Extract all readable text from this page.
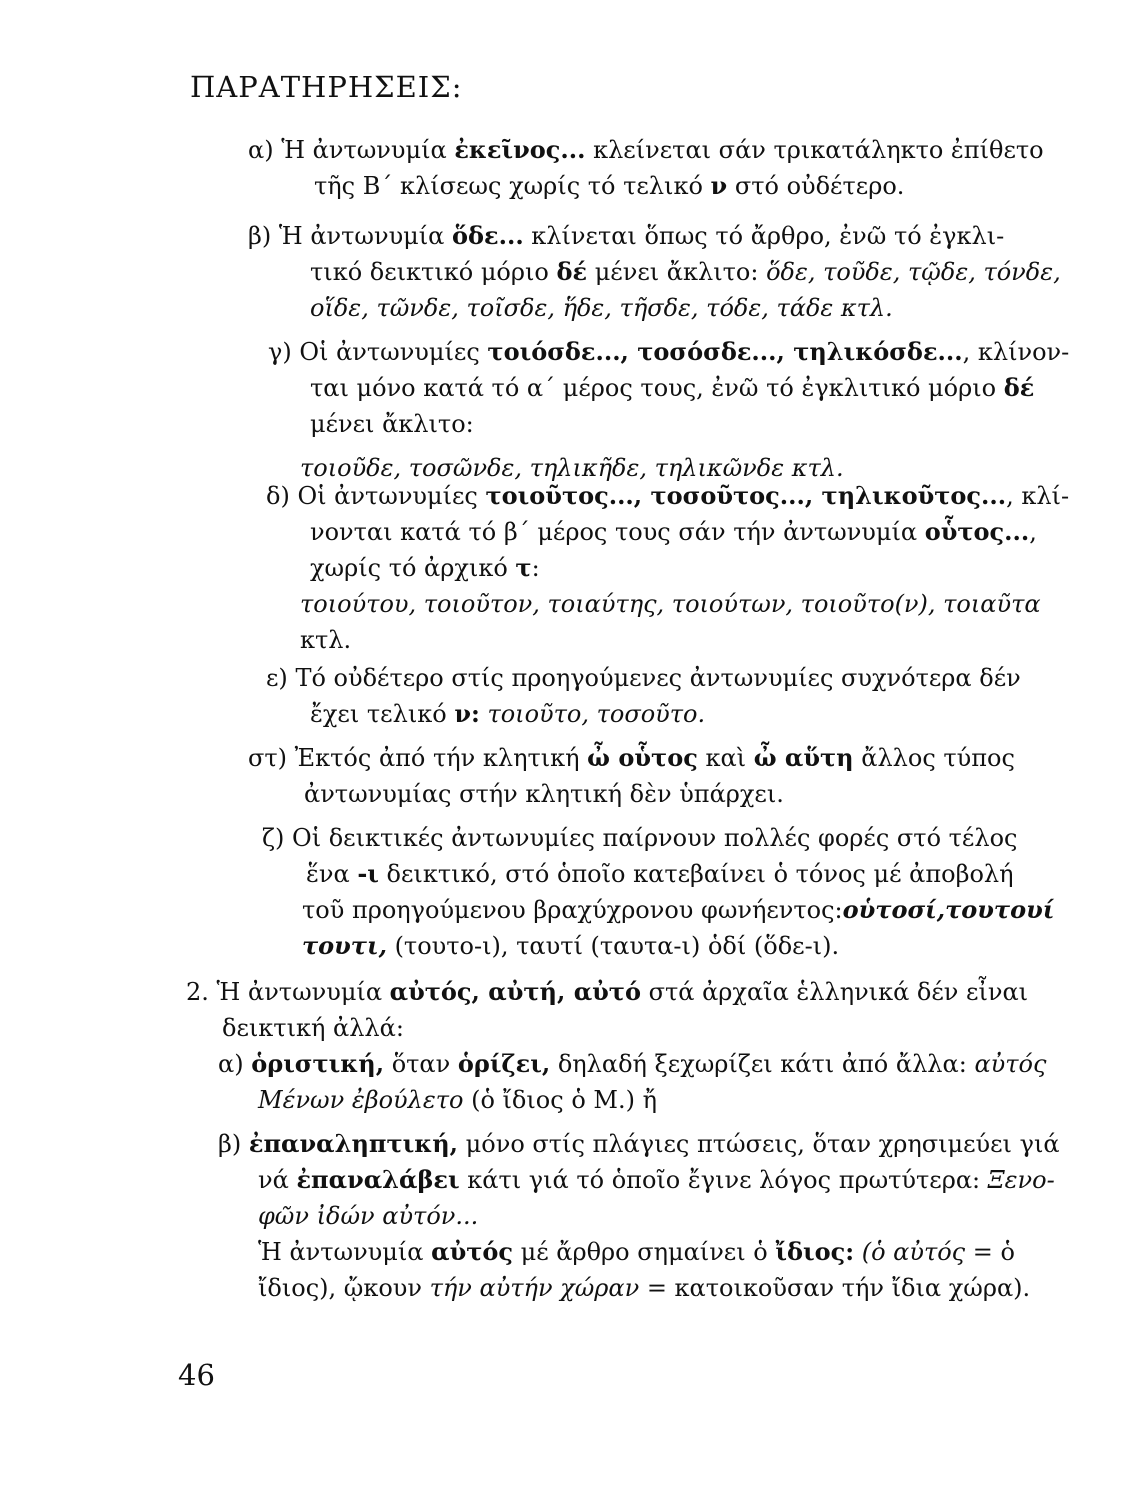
ΠΑΡΑΤΗΡΗΣΕΙΣ:
α) Ἡ ἀντωνυμία ἐκεῖνος... κλείνεται σάν τρικατάληκτο ἐπίθετο
τῆς Β΄ κλίσεως χωρίς τό τελικό ν στό οὐδέτερο.
β) Ἡ ἀντωνυμία ὅδε... κλίνεται ὅπως τό ἄρθρο, ἐνῶ τό ἐγκλι-
τικό δεικτικό μόριο δέ μένει ἄκλιτο: ὅδε, τοῦδε, τῷδε, τόνδε,
οἵδε, τῶνδε, τοῖσδε, ἥδε, τῆσδε, τόδε, τάδε κτλ.
γ) Οἱ ἀντωνυμίες τοιόσδε..., τοσόσδε..., τηλικόσδε..., κλίνον-
ται μόνο κατά τό α΄ μέρος τους, ἐνῶ τό ἐγκλιτικό μόριο δέ
μένει ἄκλιτο:
τοιοῦδε, τοσῶνδε, τηλικῆδε, τηλικῶνδε κτλ.
δ) Οἱ ἀντωνυμίες τοιοῦτος..., τοσοῦτος..., τηλικοῦτος..., κλί-
νονται κατά τό β΄ μέρος τους σάν τήν ἀντωνυμία οὗτος...,
χωρίς τό ἀρχικό τ:
τοιούτου, τοιοῦτον, τοιαύτης, τοιούτων, τοιοῦτο(ν), τοιαῦτα
κτλ.
ε) Τό οὐδέτερο στίς προηγούμενες ἀντωνυμίες συχνότερα δέν
ἔχει τελικό ν: τοιοῦτο, τοσοῦτο.
στ) Ἐκτός ἀπό τήν κλητική ὦ οὗτος καὶ ὦ αὕτη ἄλλος τύπος
ἀντωνυμίας στήν κλητική δὲν ὑπάρχει.
ζ) Οἱ δεικτικές ἀντωνυμίες παίρνουν πολλές φορές στό τέλος
ἕνα -ι δεικτικό, στό ὁποῖο κατεβαίνει ὁ τόνος μέ ἀποβολή
τοῦ προηγούμενου βραχύχρονου φωνήεντος:οὑτοσί,τουτουί
τουτι, (τουτο-ι), ταυτί (ταυτα-ι) ὁδί (ὅδε-ι).
2. Ἡ ἀντωνυμία αὐτός, αὐτή, αὐτό στά ἀρχαῖα ἑλληνικά δέν εἶναι
δεικτική ἀλλά:
α) ὁριστική, ὅταν ὁρίζει, δηλαδή ξεχωρίζει κάτι ἀπό ἄλλα: αὐτός
Μένων ἐβούλετο (ὁ ἴδιος ὁ Μ.) ἤ
β) ἐπαναληπτική, μόνο στίς πλάγιες πτώσεις, ὅταν χρησιμεύει γιά
νά ἐπαναλάβει κάτι γιά τό ὁποῖο ἔγινε λόγος πρωτύτερα: Ξενο-
φῶν ἰδών αὐτόν...
Ἡ ἀντωνυμία αὐτός μέ ἄρθρο σημαίνει ὁ ἴδιος: (ὁ αὐτός = ὁ
ἴδιος), ᾤκουν τήν αὐτήν χώραν = κατοικοῦσαν τήν ἴδια χώρα).
46
